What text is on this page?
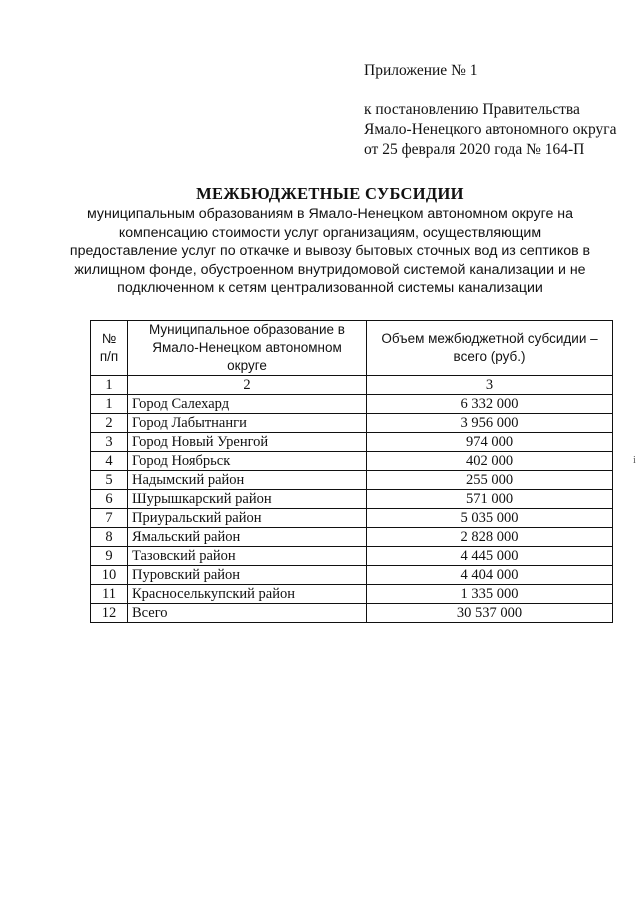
Приложение № 1
к постановлению Правительства
Ямало-Ненецкого автономного округа
от 25 февраля 2020 года № 164-П
МЕЖБЮДЖЕТНЫЕ СУБСИДИИ
муниципальным образованиям в Ямало-Ненецком автономном округе на
компенсацию стоимости услуг организациям, осуществляющим
предоставление услуг по откачке и вывозу бытовых сточных вод из септиков в
жилищном фонде, обустроенном внутридомовой системой канализации и не
подключенном к сетям централизованной системы канализации
№ п/п	Муниципальное образование в Ямало-Ненецком автономном округе	Объем межбюджетной субсидии – всего (руб.)
1	2	3
1	Город Салехард	6 332 000
2	Город Лабытнанги	3 956 000
3	Город Новый Уренгой	974 000
4	Город Ноябрьск	402 000
5	Надымский район	255 000
6	Шурышкарский район	571 000
7	Приуральский район	5 035 000
8	Ямальский район	2 828 000
9	Тазовский район	4 445 000
10	Пуровский район	4 404 000
11	Красноселькупский район	1 335 000
12	Всего	30 537 000
i
